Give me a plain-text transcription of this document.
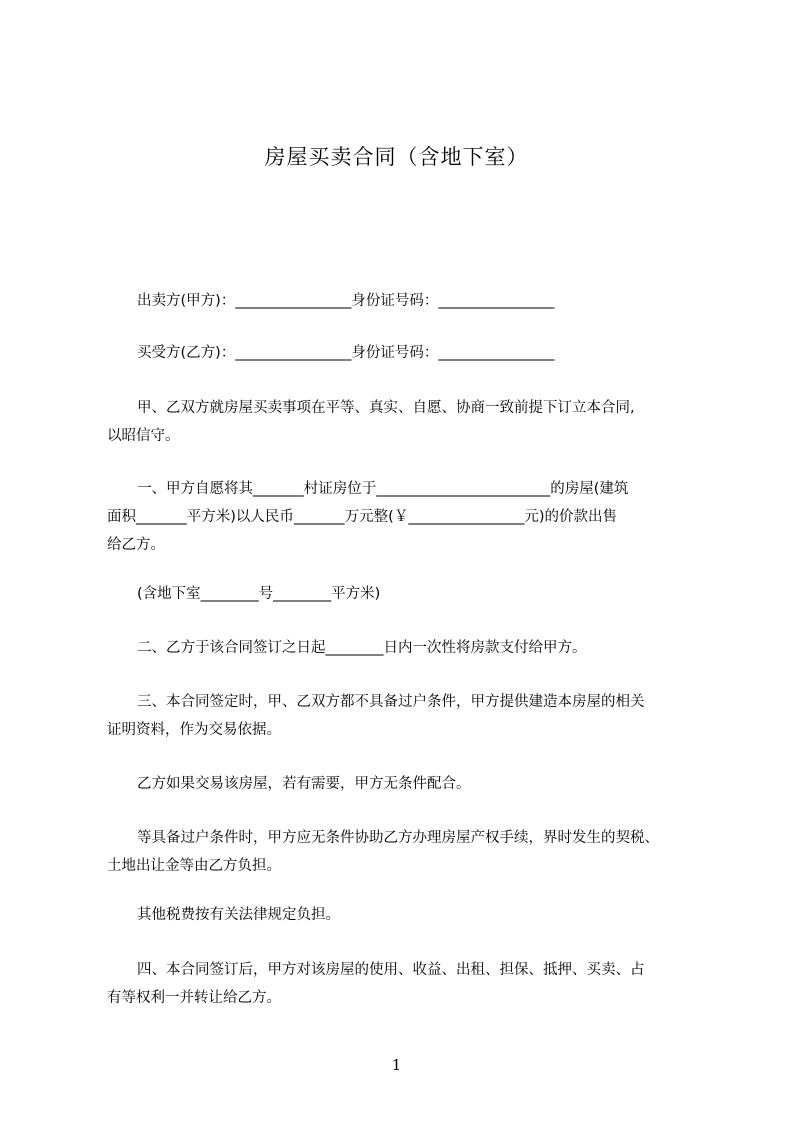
房屋买卖合同（含地下室）
出卖方(甲方)：________________身份证号码：________________
买受方(乙方)：________________身份证号码：________________
甲、乙双方就房屋买卖事项在平等、真实、自愿、协商一致前提下订立本合同,
以昭信守。
一、甲方自愿将其_______村证房位于________________________的房屋(建筑
面积_______平方米)以人民币_______万元整(￥________________元)的价款出售
给乙方。
(含地下室________号________平方米)
二、乙方于该合同签订之日起________日内一次性将房款支付给甲方。
三、本合同签定时，甲、乙双方都不具备过户条件，甲方提供建造本房屋的相关
证明资料，作为交易依据。
乙方如果交易该房屋，若有需要，甲方无条件配合。
等具备过户条件时，甲方应无条件协助乙方办理房屋产权手续，界时发生的契税、
土地出让金等由乙方负担。
其他税费按有关法律规定负担。
四、本合同签订后，甲方对该房屋的使用、收益、出租、担保、抵押、买卖、占
有等权利一并转让给乙方。
1
